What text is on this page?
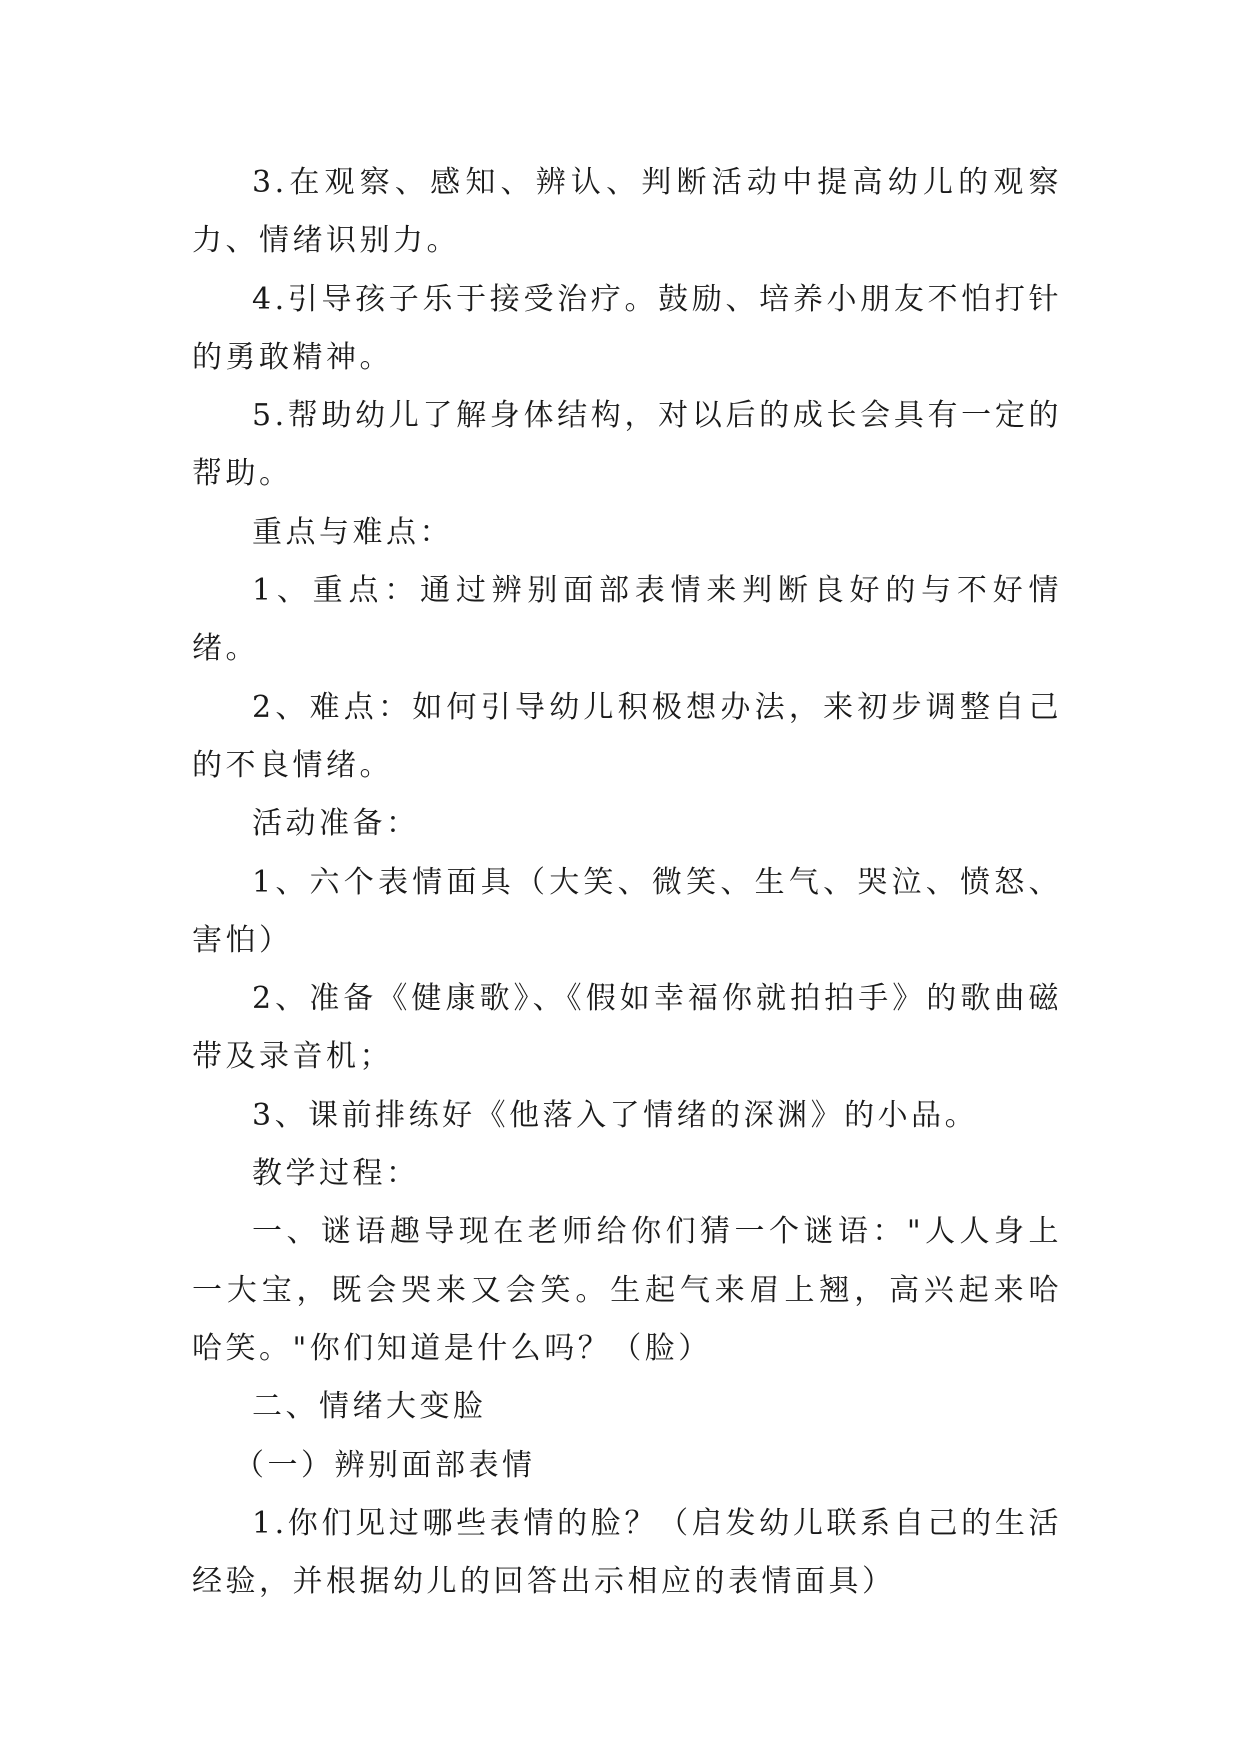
3.在观察、感知、辨认、判断活动中提高幼儿的观察力、情绪识别力。

4.引导孩子乐于接受治疗。鼓励、培养小朋友不怕打针的勇敢精神。

5.帮助幼儿了解身体结构，对以后的成长会具有一定的帮助。

重点与难点：

1、重点：通过辨别面部表情来判断良好的与不好情绪。

2、难点：如何引导幼儿积极想办法，来初步调整自己的不良情绪。

活动准备：

1、六个表情面具（大笑、微笑、生气、哭泣、愤怒、害怕）

2、准备《健康歌》、《假如幸福你就拍拍手》的歌曲磁带及录音机；

3、课前排练好《他落入了情绪的深渊》的小品。

教学过程：

一、谜语趣导现在老师给你们猜一个谜语："人人身上一大宝，既会哭来又会笑。生起气来眉上翘，高兴起来哈哈笑。"你们知道是什么吗？（脸）

二、情绪大变脸

（一）辨别面部表情

1.你们见过哪些表情的脸？（启发幼儿联系自己的生活经验，并根据幼儿的回答出示相应的表情面具）
